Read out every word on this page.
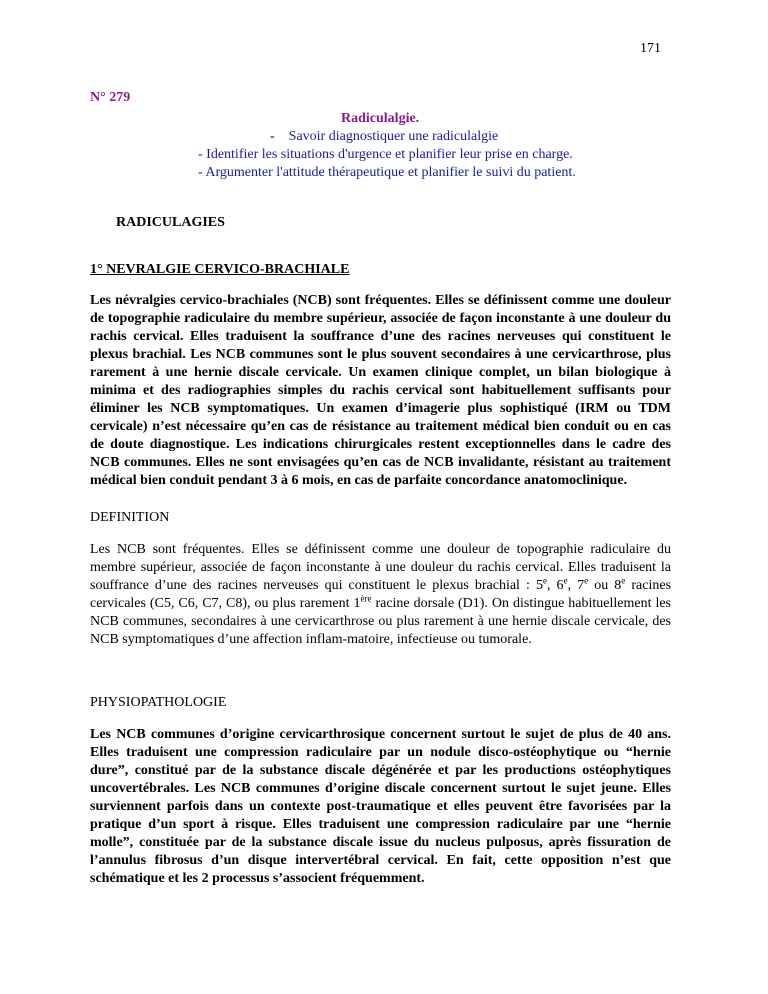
171
N° 279
Radiculalgie.
- Savoir diagnostiquer une radiculalgie
- Identifier les situations d'urgence et planifier leur prise en charge.
- Argumenter l'attitude thérapeutique et planifier le suivi du patient.
RADICULAGIES
1° NEVRALGIE CERVICO-BRACHIALE

Les névralgies cervico-brachiales (NCB) sont fréquentes. Elles se définissent comme une douleur de topographie radiculaire du membre supérieur, associée de façon inconstante à une douleur du rachis cervical. Elles traduisent la souffrance d’une des racines nerveuses qui constituent le plexus brachial. Les NCB communes sont le plus souvent secondaires à une cervicarthrose, plus rarement à une hernie discale cervicale. Un examen clinique complet, un bilan biologique à minima et des radiographies simples du rachis cervical sont habituellement suffisants pour éliminer les NCB symptomatiques. Un examen d’imagerie plus sophistiqué (IRM ou TDM cervicale) n’est nécessaire qu’en cas de résistance au traitement médical bien conduit ou en cas de doute diagnostique. Les indications chirurgicales restent exceptionnelles dans le cadre des NCB communes. Elles ne sont envisagées qu’en cas de NCB invalidante, résistant au traitement médical bien conduit pendant 3 à 6 mois, en cas de parfaite concordance anatomoclinique.

DEFINITION

Les NCB sont fréquentes. Elles se définissent comme une douleur de topographie radiculaire du membre supérieur, associée de façon inconstante à une douleur du rachis cervical. Elles traduisent la souffrance d’une des racines nerveuses qui constituent le plexus brachial : 5e, 6e, 7e ou 8e racines cervicales (C5, C6, C7, C8), ou plus rarement 1ère racine dorsale (D1). On distingue habituellement les NCB communes, secondaires à une cervicarthrose ou plus rarement à une hernie discale cervicale, des NCB symptomatiques d’une affection inflam-matoire, infectieuse ou tumorale.

PHYSIOPATHOLOGIE

Les NCB communes d’origine cervicarthrosique concernent surtout le sujet de plus de 40 ans. Elles traduisent une compression radiculaire par un nodule disco-ostéophytique ou “hernie dure”, constitué par de la substance discale dégénérée et par les productions ostéophytiques uncovertébrales. Les NCB communes d’origine discale concernent surtout le sujet jeune. Elles surviennent parfois dans un contexte post-traumatique et elles peuvent être favorisées par la pratique d’un sport à risque. Elles traduisent une compression radiculaire par une “hernie molle”, constituée par de la substance discale issue du nucleus pulposus, après fissuration de l’annulus fibrosus d’un disque intervertébral cervical. En fait, cette opposition n’est que schématique et les 2 processus s’associent fréquemment.
